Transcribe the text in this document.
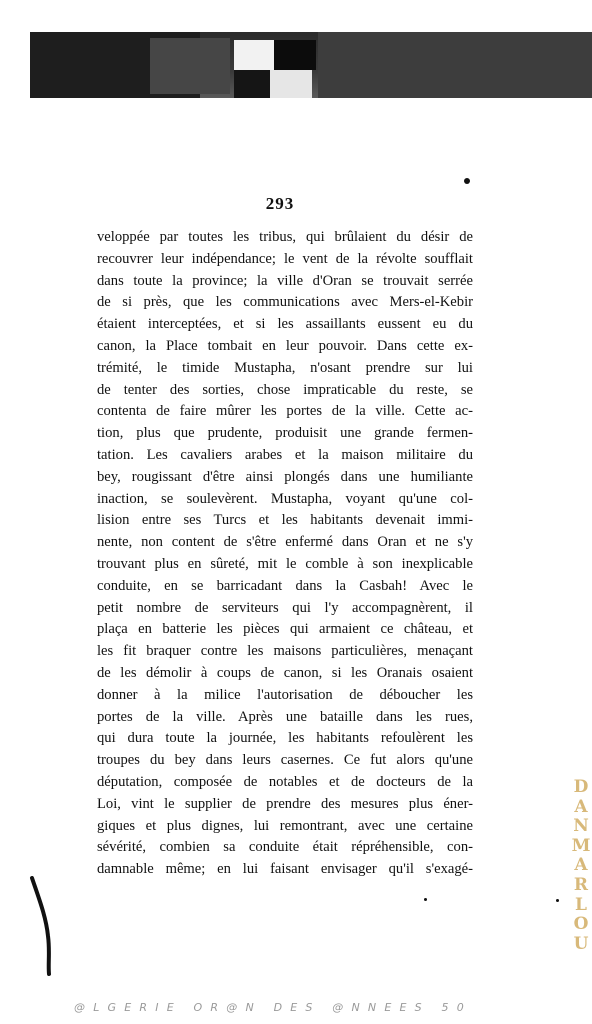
293
veloppée par toutes les tribus, qui brûlaient du désir de
recouvrer leur indépendance; le vent de la révolte soufflait
dans toute la province; la ville d'Oran se trouvait serrée
de si près, que les communications avec Mers-el-Kebir
étaient interceptées, et si les assaillants eussent eu du
canon, la Place tombait en leur pouvoir. Dans cette ex-
trémité, le timide Mustapha, n'osant prendre sur lui
de tenter des sorties, chose impraticable du reste, se
contenta de faire mûrer les portes de la ville. Cette ac-
tion, plus que prudente, produisit une grande fermen-
tation. Les cavaliers arabes et la maison militaire du
bey, rougissant d'être ainsi plongés dans une humiliante
inaction, se soulevèrent. Mustapha, voyant qu'une col-
lision entre ses Turcs et les habitants devenait immi-
nente, non content de s'être enfermé dans Oran et ne s'y
trouvant plus en sûreté, mit le comble à son inexplicable
conduite, en se barricadant dans la Casbah! Avec le
petit nombre de serviteurs qui l'y accompagnèrent, il
plaça en batterie les pièces qui armaient ce château, et
les fit braquer contre les maisons particulières, menaçant
de les démolir à coups de canon, si les Oranais osaient
donner à la milice l'autorisation de déboucher les
portes de la ville. Après une bataille dans les rues,
qui dura toute la journée, les habitants refoulèrent les
troupes du bey dans leurs casernes. Ce fut alors qu'une
députation, composée de notables et de docteurs de la
Loi, vint le supplier de prendre des mesures plus éner-
giques et plus dignes, lui remontrant, avec une certaine
sévérité, combien sa conduite était répréhensible, con-
damnable même; en lui faisant envisager qu'il s'exagé-
D
A
N
M
A
R
L
O
U
@LGERIE OR@N DES @NNEES 50
